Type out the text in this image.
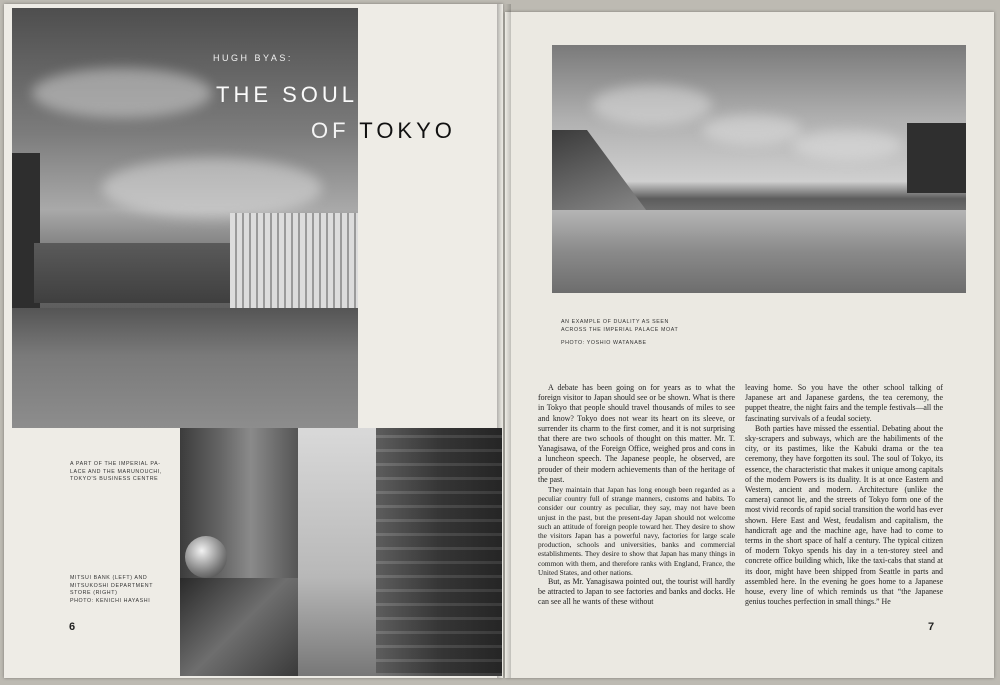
HUGH BYAS:
THE SOUL
OF TOKYO
A PART OF THE IMPERIAL PA-
LACE AND THE MARUNOUCHI,
TOKYO'S BUSINESS CENTRE
MITSUI BANK (LEFT) AND
MITSUKOSHI DEPARTMENT
STORE (RIGHT)
PHOTO: KENICHI HAYASHI
6
AN EXAMPLE OF DUALITY AS SEEN
ACROSS THE IMPERIAL PALACE MOAT
PHOTO: YOSHIO WATANABE

A debate has been going on for years as to what the foreign visitor to Japan should see or be shown. What is there in Tokyo that people should travel thousands of miles to see and know? Tokyo does not wear its heart on its sleeve, or surrender its charm to the first comer, and it is not surprising that there are two schools of thought on this matter. Mr. T. Yanagisawa, of the Foreign Office, weighed pros and cons in a luncheon speech. The Japanese people, he observed, are prouder of their modern achievements than of the heritage of the past.

They maintain that Japan has long enough been regarded as a peculiar country full of strange manners, customs and habits. To consider our country as peculiar, they say, may not have been unjust in the past, but the present-day Japan should not welcome such an attitude of foreign people toward her. They desire to show the visitors Japan has a powerful navy, factories for large scale production, schools and universities, banks and commercial establishments. They desire to show that Japan has many things in common with them, and therefore ranks with England, France, the United States, and other nations.

But, as Mr. Yanagisawa pointed out, the tourist will hardly be attracted to Japan to see factories and banks and docks. He can see all he wants of these without

leaving home. So you have the other school talking of Japanese art and Japanese gardens, the tea ceremony, the puppet theatre, the night fairs and the temple festivals—all the fascinating survivals of a feudal society.

Both parties have missed the essential. Debating about the sky-scrapers and subways, which are the habiliments of the city, or its pastimes, like the Kabuki drama or the tea ceremony, they have forgotten its soul. The soul of Tokyo, its essence, the characteristic that makes it unique among capitals of the modern Powers is its duality. It is at once Eastern and Western, ancient and modern. Architecture (unlike the camera) cannot lie, and the streets of Tokyo form one of the most vivid records of rapid social transition the world has ever shown. Here East and West, feudalism and capitalism, the handicraft age and the machine age, have had to come to terms in the short space of half a century. The typical citizen of modern Tokyo spends his day in a ten-storey steel and concrete office building which, like the taxi-cabs that stand at its door, might have been shipped from Seattle in parts and assembled here. In the evening he goes home to a Japanese house, every line of which reminds us that “the Japanese genius touches perfection in small things.” He

7
